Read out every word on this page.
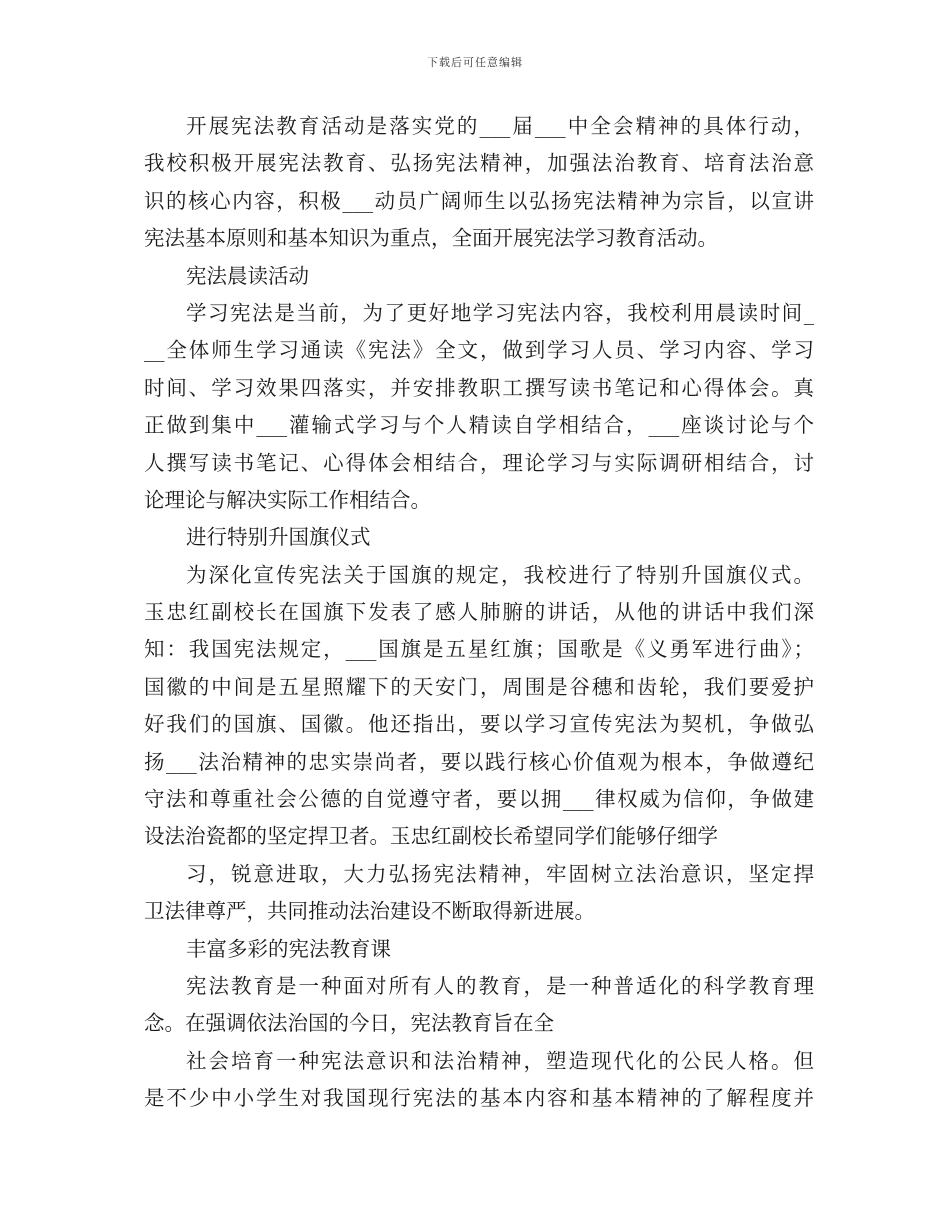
下载后可任意编辑
开展宪法教育活动是落实党的___届___中全会精神的具体行动，
我校积极开展宪法教育、弘扬宪法精神，加强法治教育、培育法治意
识的核心内容，积极___动员广阔师生以弘扬宪法精神为宗旨，以宣讲
宪法基本原则和基本知识为重点，全面开展宪法学习教育活动。
宪法晨读活动
学习宪法是当前，为了更好地学习宪法内容，我校利用晨读时间_
__全体师生学习通读《宪法》全文，做到学习人员、学习内容、学习
时间、学习效果四落实，并安排教职工撰写读书笔记和心得体会。真
正做到集中___灌输式学习与个人精读自学相结合，___座谈讨论与个
人撰写读书笔记、心得体会相结合，理论学习与实际调研相结合，讨
论理论与解决实际工作相结合。
进行特别升国旗仪式
为深化宣传宪法关于国旗的规定，我校进行了特别升国旗仪式。
玉忠红副校长在国旗下发表了感人肺腑的讲话，从他的讲话中我们深
知：我国宪法规定，___国旗是五星红旗；国歌是《义勇军进行曲》；
国徽的中间是五星照耀下的天安门，周围是谷穗和齿轮，我们要爱护
好我们的国旗、国徽。他还指出，要以学习宣传宪法为契机，争做弘
扬___法治精神的忠实崇尚者，要以践行核心价值观为根本，争做遵纪
守法和尊重社会公德的自觉遵守者，要以拥___律权威为信仰，争做建
设法治瓷都的坚定捍卫者。玉忠红副校长希望同学们能够仔细学
习，锐意进取，大力弘扬宪法精神，牢固树立法治意识，坚定捍
卫法律尊严，共同推动法治建设不断取得新进展。
丰富多彩的宪法教育课
宪法教育是一种面对所有人的教育，是一种普适化的科学教育理
念。在强调依法治国的今日，宪法教育旨在全
社会培育一种宪法意识和法治精神，塑造现代化的公民人格。但
是不少中小学生对我国现行宪法的基本内容和基本精神的了解程度并
